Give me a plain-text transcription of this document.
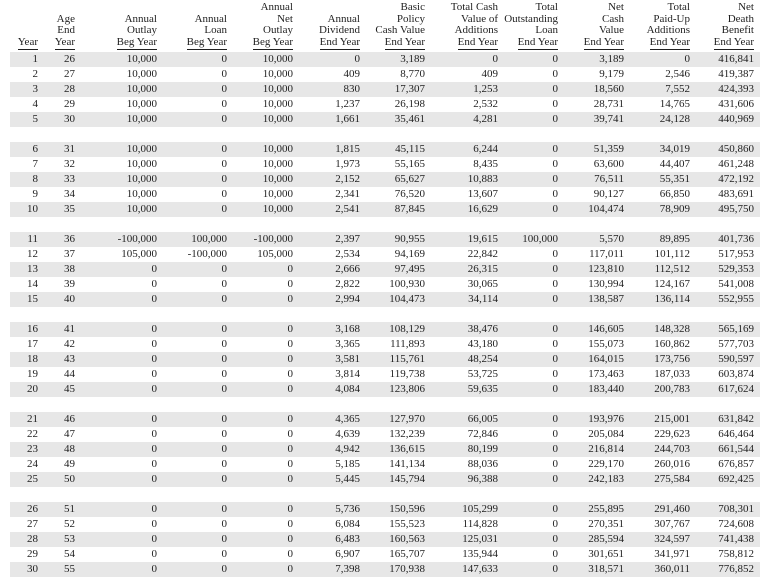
Year

Age
End
Year

Annual
Outlay
Beg Year

Annual
Loan
Beg Year

Annual
Net
Outlay
Beg Year

Annual
Dividend
End Year

Basic
Policy
Cash Value
End Year

Total Cash
Value of
Additions
End Year

Total
Outstanding
Loan
End Year

Net
Cash
Value
End Year

Total
Paid-Up
Additions
End Year

Net
Death
Benefit
End Year

1	26	10,000	0	10,000	0	3,189	0	0	3,189	0	416,841
2	27	10,000	0	10,000	409	8,770	409	0	9,179	2,546	419,387
3	28	10,000	0	10,000	830	17,307	1,253	0	18,560	7,552	424,393
4	29	10,000	0	10,000	1,237	26,198	2,532	0	28,731	14,765	431,606
5	30	10,000	0	10,000	1,661	35,461	4,281	0	39,741	24,128	440,969

6	31	10,000	0	10,000	1,815	45,115	6,244	0	51,359	34,019	450,860
7	32	10,000	0	10,000	1,973	55,165	8,435	0	63,600	44,407	461,248
8	33	10,000	0	10,000	2,152	65,627	10,883	0	76,511	55,351	472,192
9	34	10,000	0	10,000	2,341	76,520	13,607	0	90,127	66,850	483,691
10	35	10,000	0	10,000	2,541	87,845	16,629	0	104,474	78,909	495,750

11	36	-100,000	100,000	-100,000	2,397	90,955	19,615	100,000	5,570	89,895	401,736
12	37	105,000	-100,000	105,000	2,534	94,169	22,842	0	117,011	101,112	517,953
13	38	0	0	0	2,666	97,495	26,315	0	123,810	112,512	529,353
14	39	0	0	0	2,822	100,930	30,065	0	130,994	124,167	541,008
15	40	0	0	0	2,994	104,473	34,114	0	138,587	136,114	552,955

16	41	0	0	0	3,168	108,129	38,476	0	146,605	148,328	565,169
17	42	0	0	0	3,365	111,893	43,180	0	155,073	160,862	577,703
18	43	0	0	0	3,581	115,761	48,254	0	164,015	173,756	590,597
19	44	0	0	0	3,814	119,738	53,725	0	173,463	187,033	603,874
20	45	0	0	0	4,084	123,806	59,635	0	183,440	200,783	617,624

21	46	0	0	0	4,365	127,970	66,005	0	193,976	215,001	631,842
22	47	0	0	0	4,639	132,239	72,846	0	205,084	229,623	646,464
23	48	0	0	0	4,942	136,615	80,199	0	216,814	244,703	661,544
24	49	0	0	0	5,185	141,134	88,036	0	229,170	260,016	676,857
25	50	0	0	0	5,445	145,794	96,388	0	242,183	275,584	692,425

26	51	0	0	0	5,736	150,596	105,299	0	255,895	291,460	708,301
27	52	0	0	0	6,084	155,523	114,828	0	270,351	307,767	724,608
28	53	0	0	0	6,483	160,563	125,031	0	285,594	324,597	741,438
29	54	0	0	0	6,907	165,707	135,944	0	301,651	341,971	758,812
30	55	0	0	0	7,398	170,938	147,633	0	318,571	360,011	776,852
